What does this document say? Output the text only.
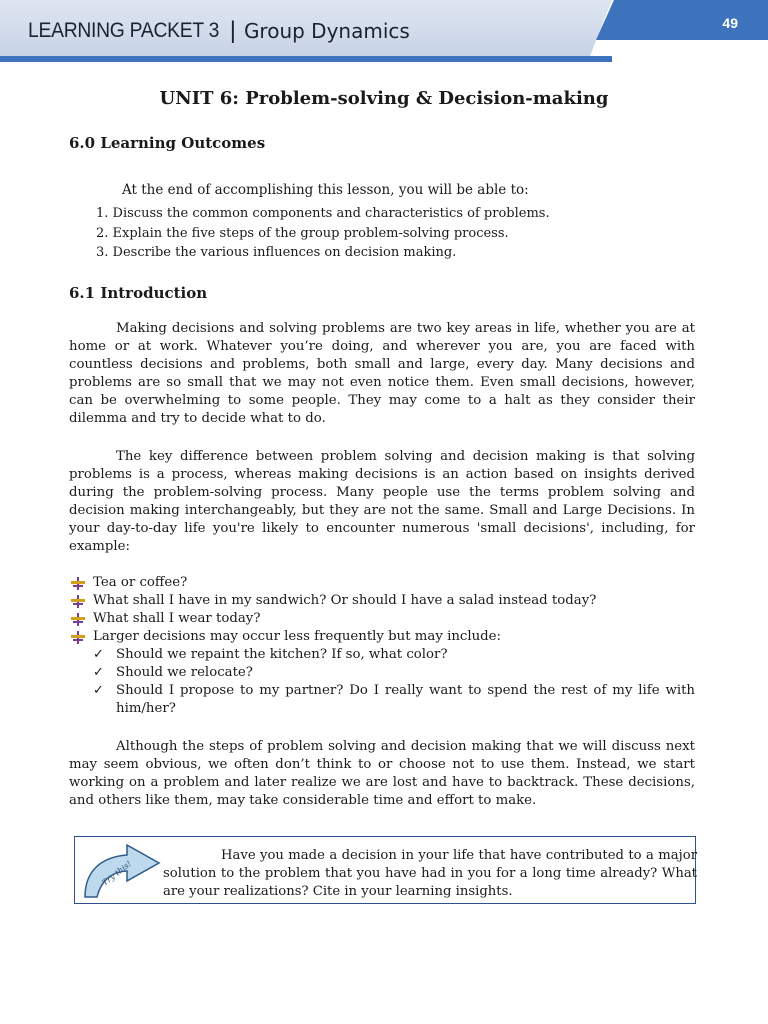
LEARNING PACKET 3 | Group Dynamics	49
UNIT 6: Problem-solving & Decision-making
6.0 Learning Outcomes

At the end of accomplishing this lesson, you will be able to:

1. Discuss the common components and characteristics of problems.
2. Explain the five steps of the group problem-solving process.
3. Describe the various influences on decision making.
6.1 Introduction

Making decisions and solving problems are two key areas in life, whether you are at home or at work. Whatever you’re doing, and wherever you are, you are faced with countless decisions and problems, both small and large, every day. Many decisions and problems are so small that we may not even notice them. Even small decisions, however, can be overwhelming to some people. They may come to a halt as they consider their dilemma and try to decide what to do.

The key difference between problem solving and decision making is that solving problems is a process, whereas making decisions is an action based on insights derived during the problem-solving process. Many people use the terms problem solving and decision making interchangeably, but they are not the same. Small and Large Decisions. In your day-to-day life you're likely to encounter numerous 'small decisions', including, for example:

Tea or coffee?
What shall I have in my sandwich? Or should I have a salad instead today?
What shall I wear today?
Larger decisions may occur less frequently but may include:
✓ Should we repaint the kitchen? If so, what color?
✓ Should we relocate?
✓ Should I propose to my partner? Do I really want to spend the rest of my life with him/her?

Although the steps of problem solving and decision making that we will discuss next may seem obvious, we often don’t think to or choose not to use them. Instead, we start working on a problem and later realize we are lost and have to backtrack. These decisions, and others like them, may take considerable time and effort to make.

Try this!

Have you made a decision in your life that have contributed to a major solution to the problem that you have had in you for a long time already? What are your realizations? Cite in your learning insights.
